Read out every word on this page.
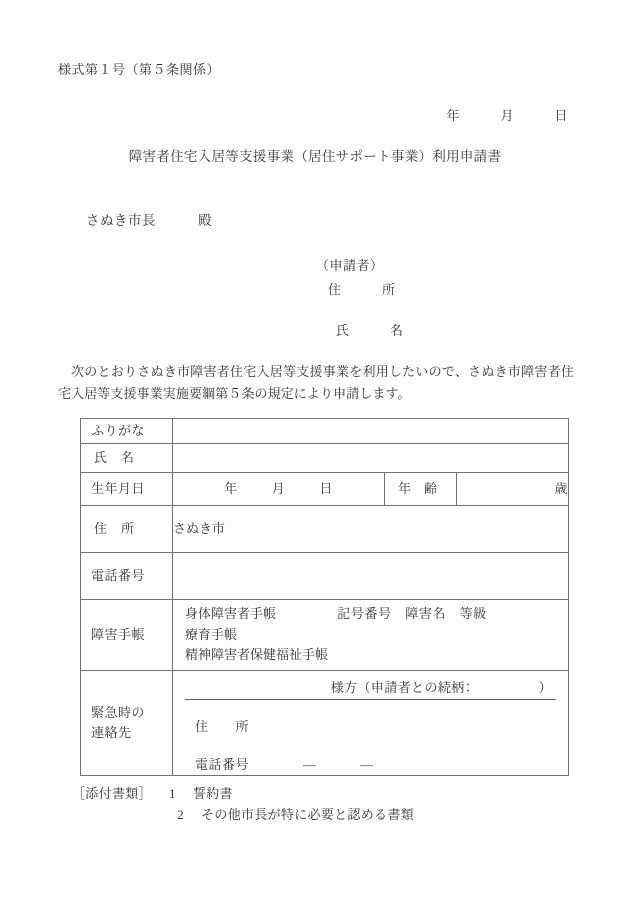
様式第１号（第５条関係）
年　　　月　　　日
障害者住宅入居等支援事業（居住サポート事業）利用申請書
さぬき市長　　　殿
（申請者）
住　　　所
氏　　　名
次のとおりさぬき市障害者住宅入居等支援事業を利用したいので、さぬき市障害者住宅入居等支援事業実施要綱第５条の規定により申請します。
ふりがな			

氏　名			

生年月日	年 月 日	年　齢	歳

住　所	さぬき市		

電話番号			

障害手帳	身体障害者手帳 記号番号　障害名　等級
療育手帳
精神障害者保健福祉手帳		

緊急時の
連絡先

様方（申請者との続柄：　　　　　）
住　　所
電話番号	―	―
［添付書類］ 1 誓約書
2 その他市長が特に必要と認める書類
